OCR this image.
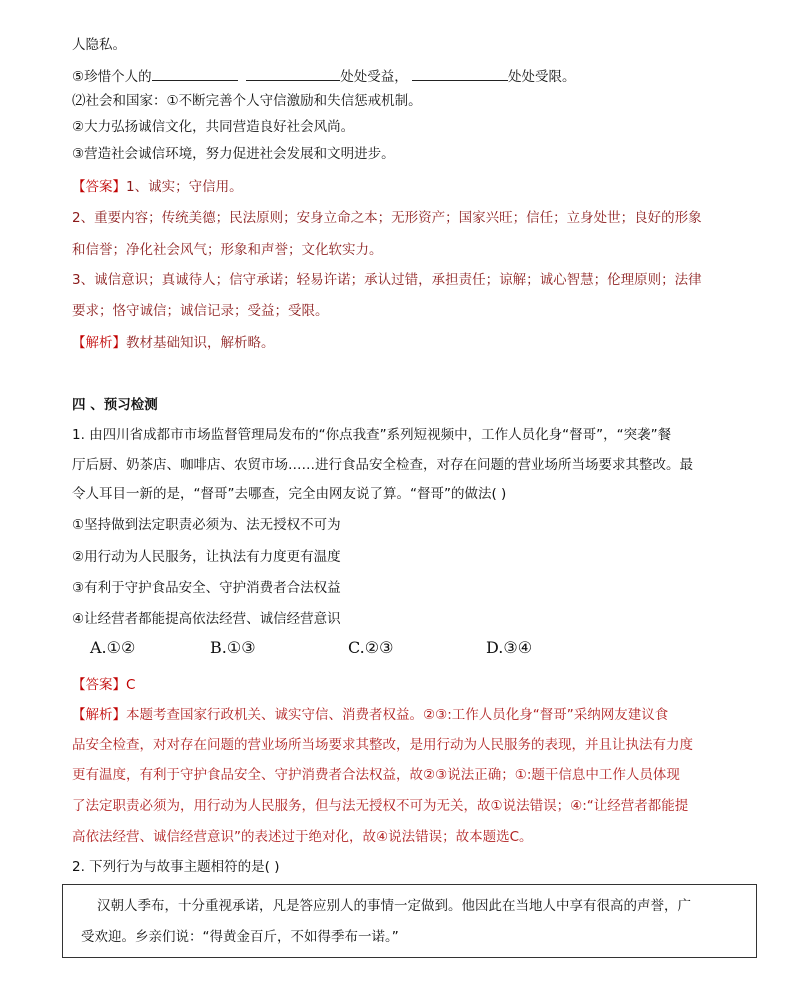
人隐私。
⑤珍惜个人的	处处受益，	处处受限。
⑵社会和国家：①不断完善个人守信激励和失信惩戒机制。
②大力弘扬诚信文化，共同营造良好社会风尚。
③营造社会诚信环境，努力促进社会发展和文明进步。
【答案】1、诚实；守信用。
2、重要内容；传统美德；民法原则；安身立命之本；无形资产；国家兴旺；信任；立身处世；良好的形象
和信誉；净化社会风气；形象和声誉；文化软实力。
3、诚信意识；真诚待人；信守承诺；轻易许诺；承认过错，承担责任；谅解；诚心智慧；伦理原则；法律
要求；恪守诚信；诚信记录；受益；受限。
【解析】教材基础知识，解析略。
四 、预习检测
1. 由四川省成都市市场监督管理局发布的“你点我查”系列短视频中，工作人员化身“督哥”，“突袭”餐
厅后厨、奶茶店、咖啡店、农贸市场……进行食品安全检查，对存在问题的营业场所当场要求其整改。最
令人耳目一新的是，“督哥”去哪查，完全由网友说了算。“督哥”的做法( )
①坚持做到法定职责必须为、法无授权不可为
②用行动为人民服务，让执法有力度更有温度
③有利于守护食品安全、守护消费者合法权益
④让经营者都能提高依法经营、诚信经营意识
A.①②	B.①③	C.②③	D.③④
【答案】C
【解析】本题考查国家行政机关、诚实守信、消费者权益。②③:工作人员化身“督哥”采纳网友建议食
品安全检查，对对存在问题的营业场所当场要求其整改，是用行动为人民服务的表现，并且让执法有力度
更有温度，有利于守护食品安全、守护消费者合法权益，故②③说法正确；①:题干信息中工作人员体现
了法定职责必须为，用行动为人民服务，但与法无授权不可为无关，故①说法错误；④:“让经营者都能提
高依法经营、诚信经营意识”的表述过于绝对化，故④说法错误；故本题选C。
2. 下列行为与故事主题相符的是( )
汉朝人季布，十分重视承诺，凡是答应别人的事情一定做到。他因此在当地人中享有很高的声誉，广
受欢迎。乡亲们说：“得黄金百斤，不如得季布一诺。”
